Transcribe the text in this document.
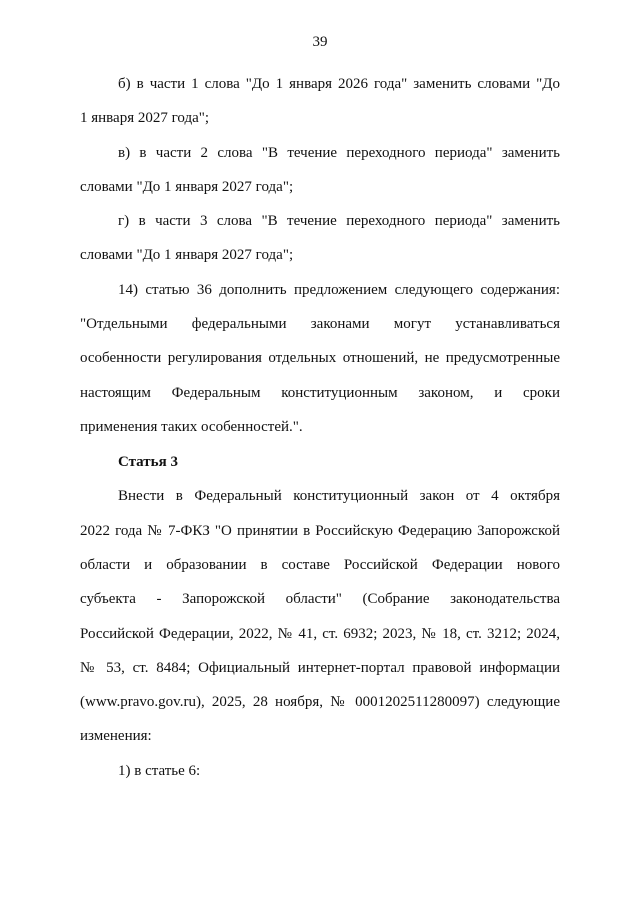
39
б) в части 1 слова "До 1 января 2026 года" заменить словами "До
1 января 2027 года";
в) в части 2 слова "В течение переходного периода" заменить
словами "До 1 января 2027 года";
г) в части 3 слова "В течение переходного периода" заменить
словами "До 1 января 2027 года";
14) статью 36 дополнить предложением следующего содержания:
"Отдельными федеральными законами могут устанавливаться
особенности регулирования отдельных отношений, не предусмотренные
настоящим Федеральным конституционным законом, и сроки
применения таких особенностей.".
Статья 3
Внести в Федеральный конституционный закон от 4 октября
2022 года № 7-ФКЗ "О принятии в Российскую Федерацию Запорожской
области и образовании в составе Российской Федерации нового
субъекта - Запорожской области" (Собрание законодательства
Российской Федерации, 2022, № 41, ст. 6932; 2023, № 18, ст. 3212; 2024,
№ 53, ст. 8484; Официальный интернет-портал правовой информации
(www.pravo.gov.ru), 2025, 28 ноября, № 0001202511280097) следующие
изменения:
1) в статье 6:
